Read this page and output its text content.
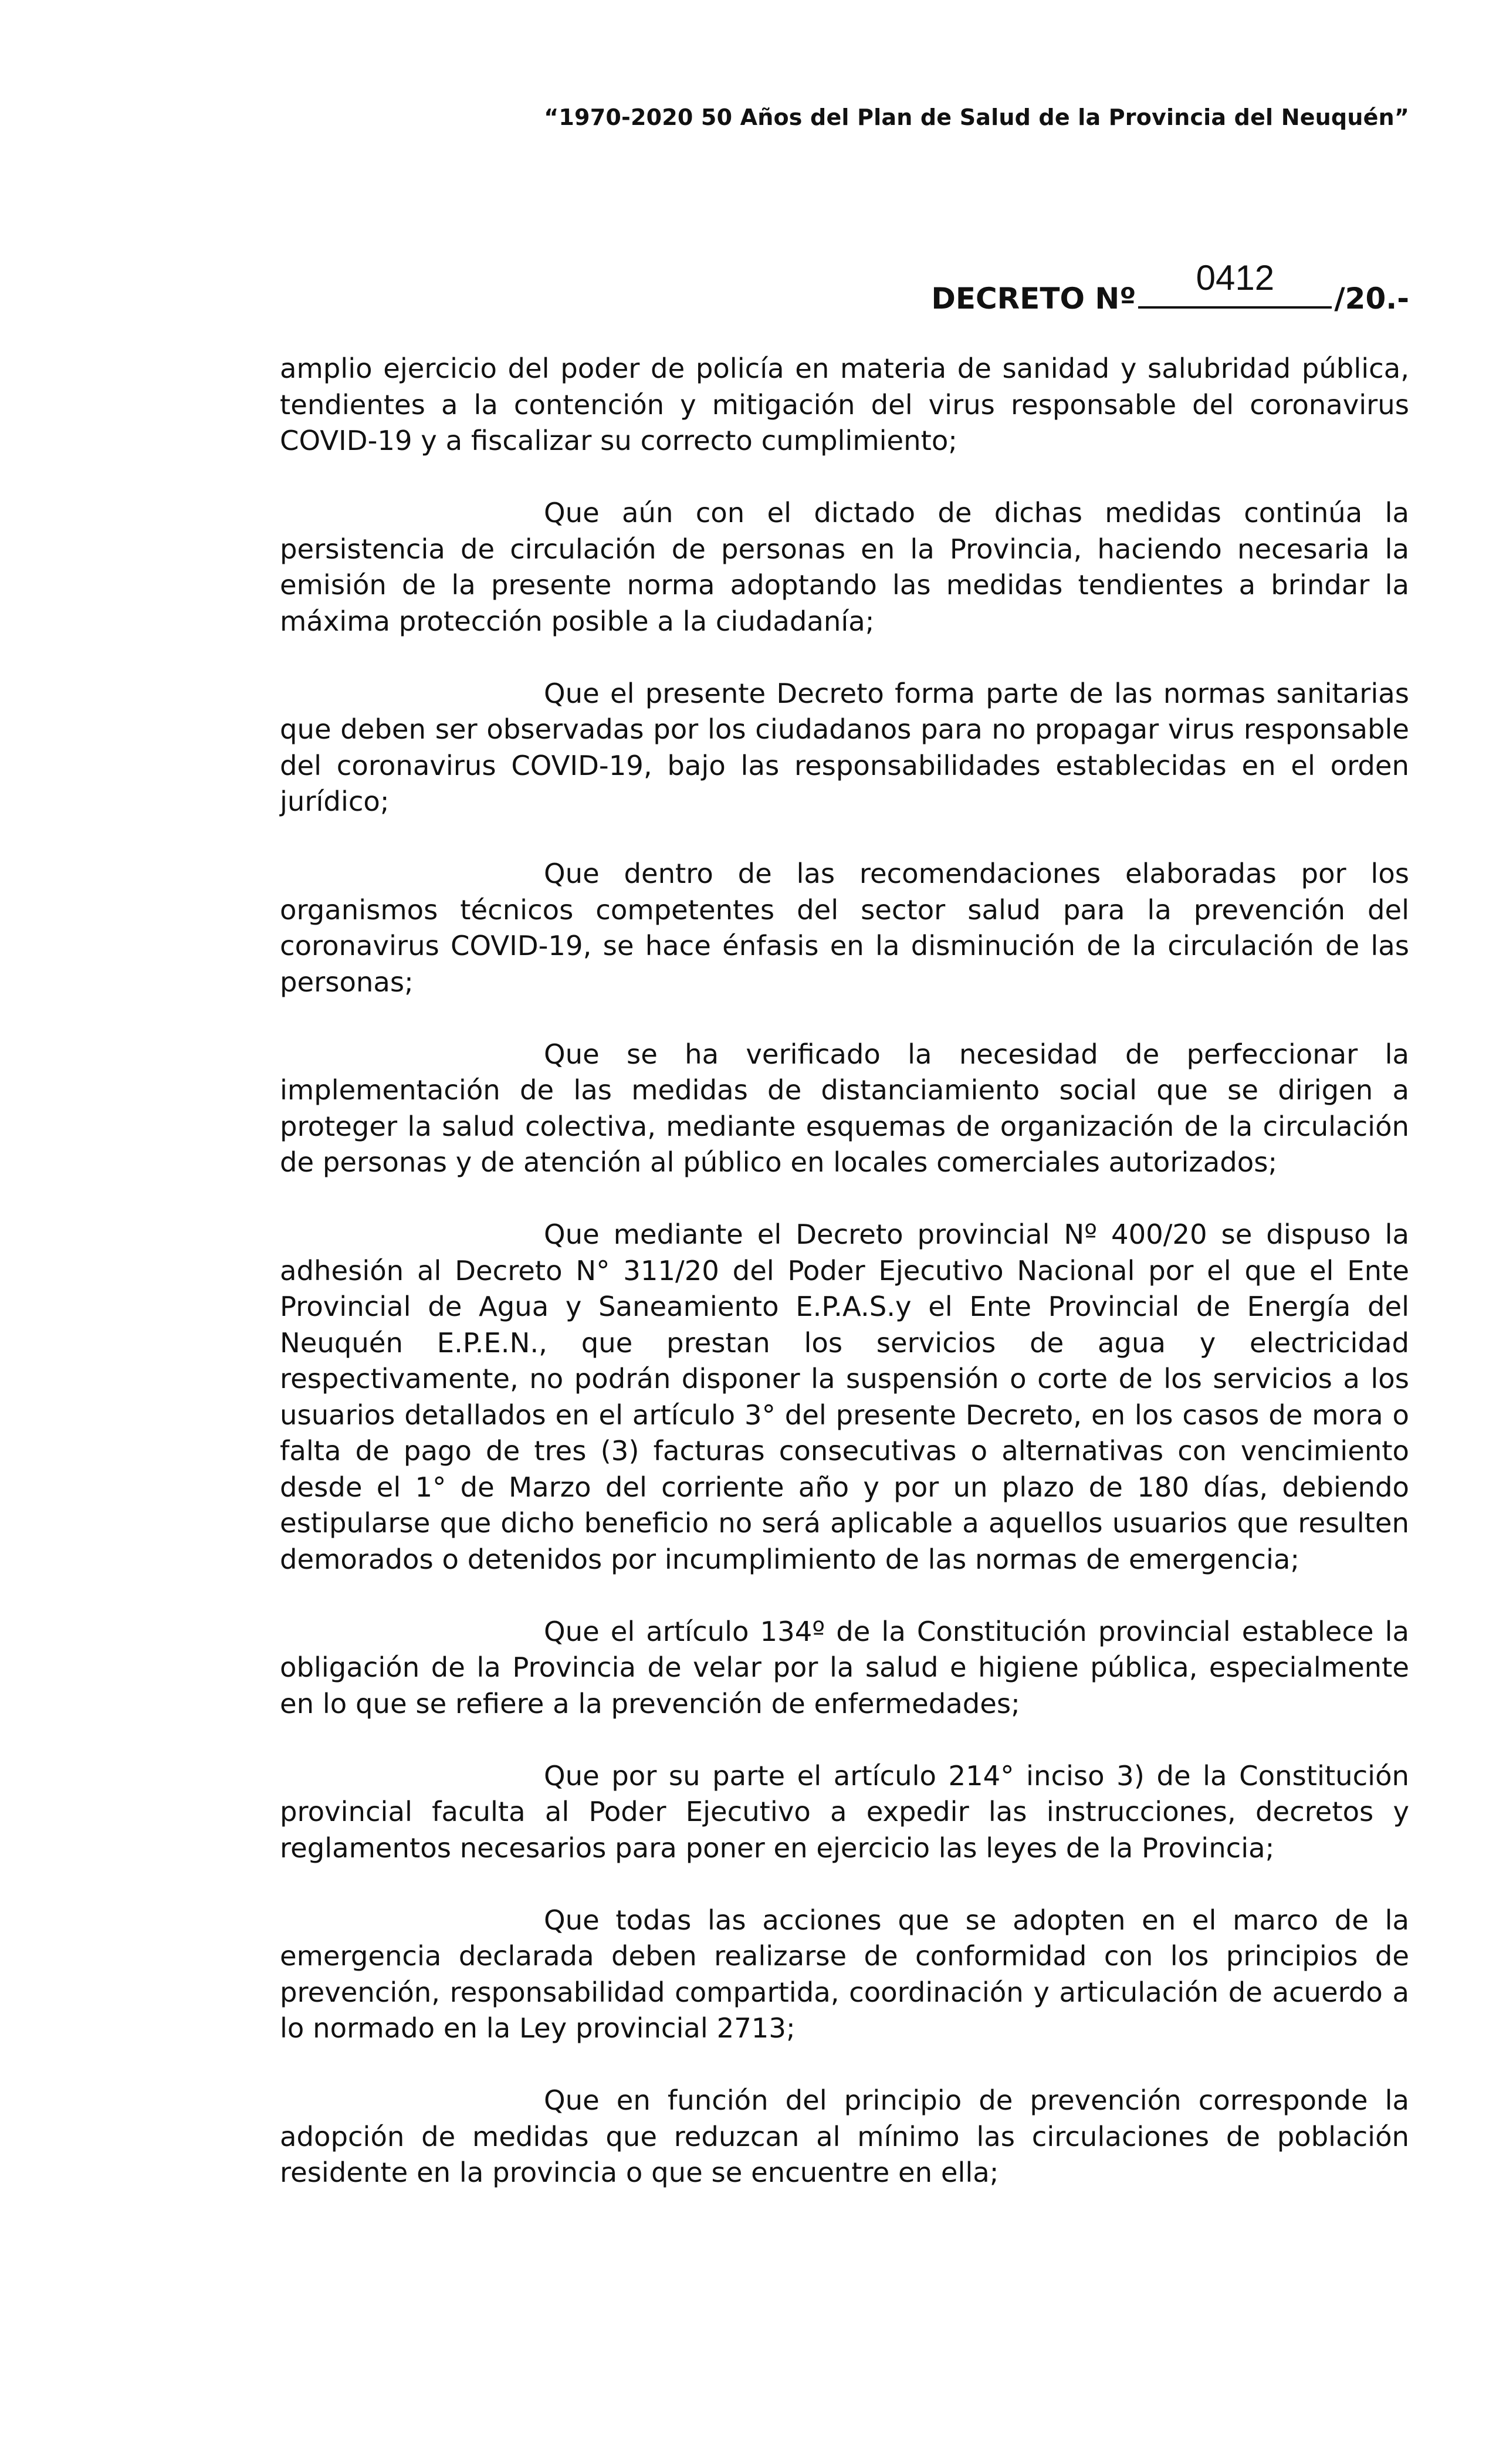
“1970-2020 50 Años del Plan de Salud de la Provincia del Neuquén”
DECRETO Nº
0412
/20.-

amplio ejercicio del poder de policía en materia de sanidad y salubridad pública, tendientes a la contención y mitigación del virus responsable del coronavirus COVID-19 y a fiscalizar su correcto cumplimiento;

Que aún con el dictado de dichas medidas continúa la persistencia de circulación de personas en la Provincia, haciendo necesaria la emisión de la presente norma adoptando las medidas tendientes a brindar la máxima protección posible a la ciudadanía;

Que el presente Decreto forma parte de las normas sanitarias que deben ser observadas por los ciudadanos para no propagar virus responsable del coronavirus COVID-19, bajo las responsabilidades establecidas en el orden jurídico;

Que dentro de las recomendaciones elaboradas por los organismos técnicos competentes del sector salud para la prevención del coronavirus COVID-19, se hace énfasis en la disminución de la circulación de las personas;

Que se ha verificado la necesidad de perfeccionar la implementación de las medidas de distanciamiento social que se dirigen a proteger la salud colectiva, mediante esquemas de organización de la circulación de personas y de atención al público en locales comerciales autorizados;

Que mediante el Decreto provincial Nº 400/20 se dispuso la adhesión al Decreto N° 311/20 del Poder Ejecutivo Nacional por el que el Ente Provincial de Agua y Saneamiento E.P.A.S.y el Ente Provincial de Energía del Neuquén E.P.E.N., que prestan los servicios de agua y electricidad respectivamente, no podrán disponer la suspensión o corte de los servicios a los usuarios detallados en el artículo 3° del presente Decreto, en los casos de mora o falta de pago de tres (3) facturas consecutivas o alternativas con vencimiento desde el 1° de Marzo del corriente año y por un plazo de 180 días, debiendo estipularse que dicho beneficio no será aplicable a aquellos usuarios que resulten demorados o detenidos por incumplimiento de las normas de emergencia;

Que el artículo 134º de la Constitución provincial establece la obligación de la Provincia de velar por la salud e higiene pública, especialmente en lo que se refiere a la prevención de enfermedades;

Que por su parte el artículo 214° inciso 3) de la Constitución provincial faculta al Poder Ejecutivo a expedir las instrucciones, decretos y reglamentos necesarios para poner en ejercicio las leyes de la Provincia;

Que todas las acciones que se adopten en el marco de la emergencia declarada deben realizarse de conformidad con los principios de prevención, responsabilidad compartida, coordinación y articulación de acuerdo a lo normado en la Ley provincial 2713;

Que en función del principio de prevención corresponde la adopción de medidas que reduzcan al mínimo las circulaciones de población residente en la provincia o que se encuentre en ella;
